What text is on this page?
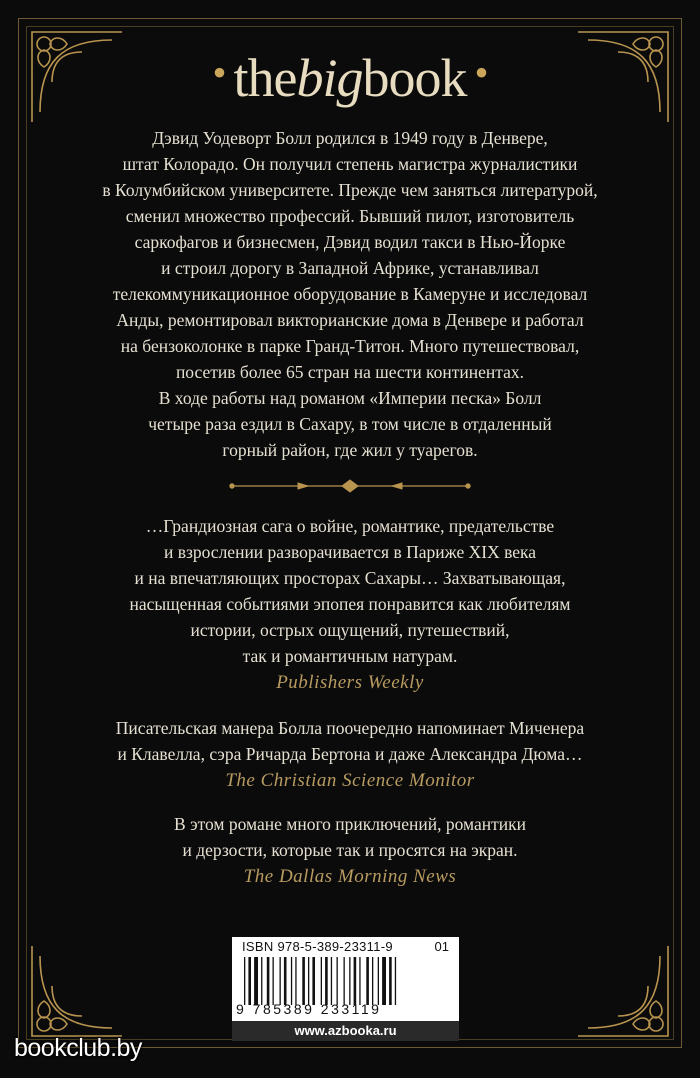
• thebigbook •
Дэвид Уодеворт Болл родился в 1949 году в Денвере,
штат Колорадо. Он получил степень магистра журналистики
в Колумбийском университете. Прежде чем заняться литературой,
сменил множество профессий. Бывший пилот, изготовитель
саркофагов и бизнесмен, Дэвид водил такси в Нью-Йорке
и строил дорогу в Западной Африке, устанавливал
телекоммуникационное оборудование в Камеруне и исследовал
Анды, ремонтировал викторианские дома в Денвере и работал
на бензоколонке в парке Гранд-Титон. Много путешествовал,
посетив более 65 стран на шести континентах.
В ходе работы над романом «Империи песка» Болл
четыре раза ездил в Сахару, в том числе в отдаленный
горный район, где жил у туарегов.
…Грандиозная сага о войне, романтике, предательстве
и взрослении разворачивается в Париже XIX века
и на впечатляющих просторах Сахары… Захватывающая,
насыщенная событиями эпопея понравится как любителям
истории, острых ощущений, путешествий,
так и романтичным натурам.
Publishers Weekly
Писательская манера Болла поочередно напоминает Миченера
и Клавелла, сэра Ричарда Бертона и даже Александра Дюма…
The Christian Science Monitor
В этом романе много приключений, романтики
и дерзости, которые так и просятся на экран.
The Dallas Morning News
ISBN 978-5-389-23311-9	01
9 785389 233119
www.azbooka.ru
bookclub.by
